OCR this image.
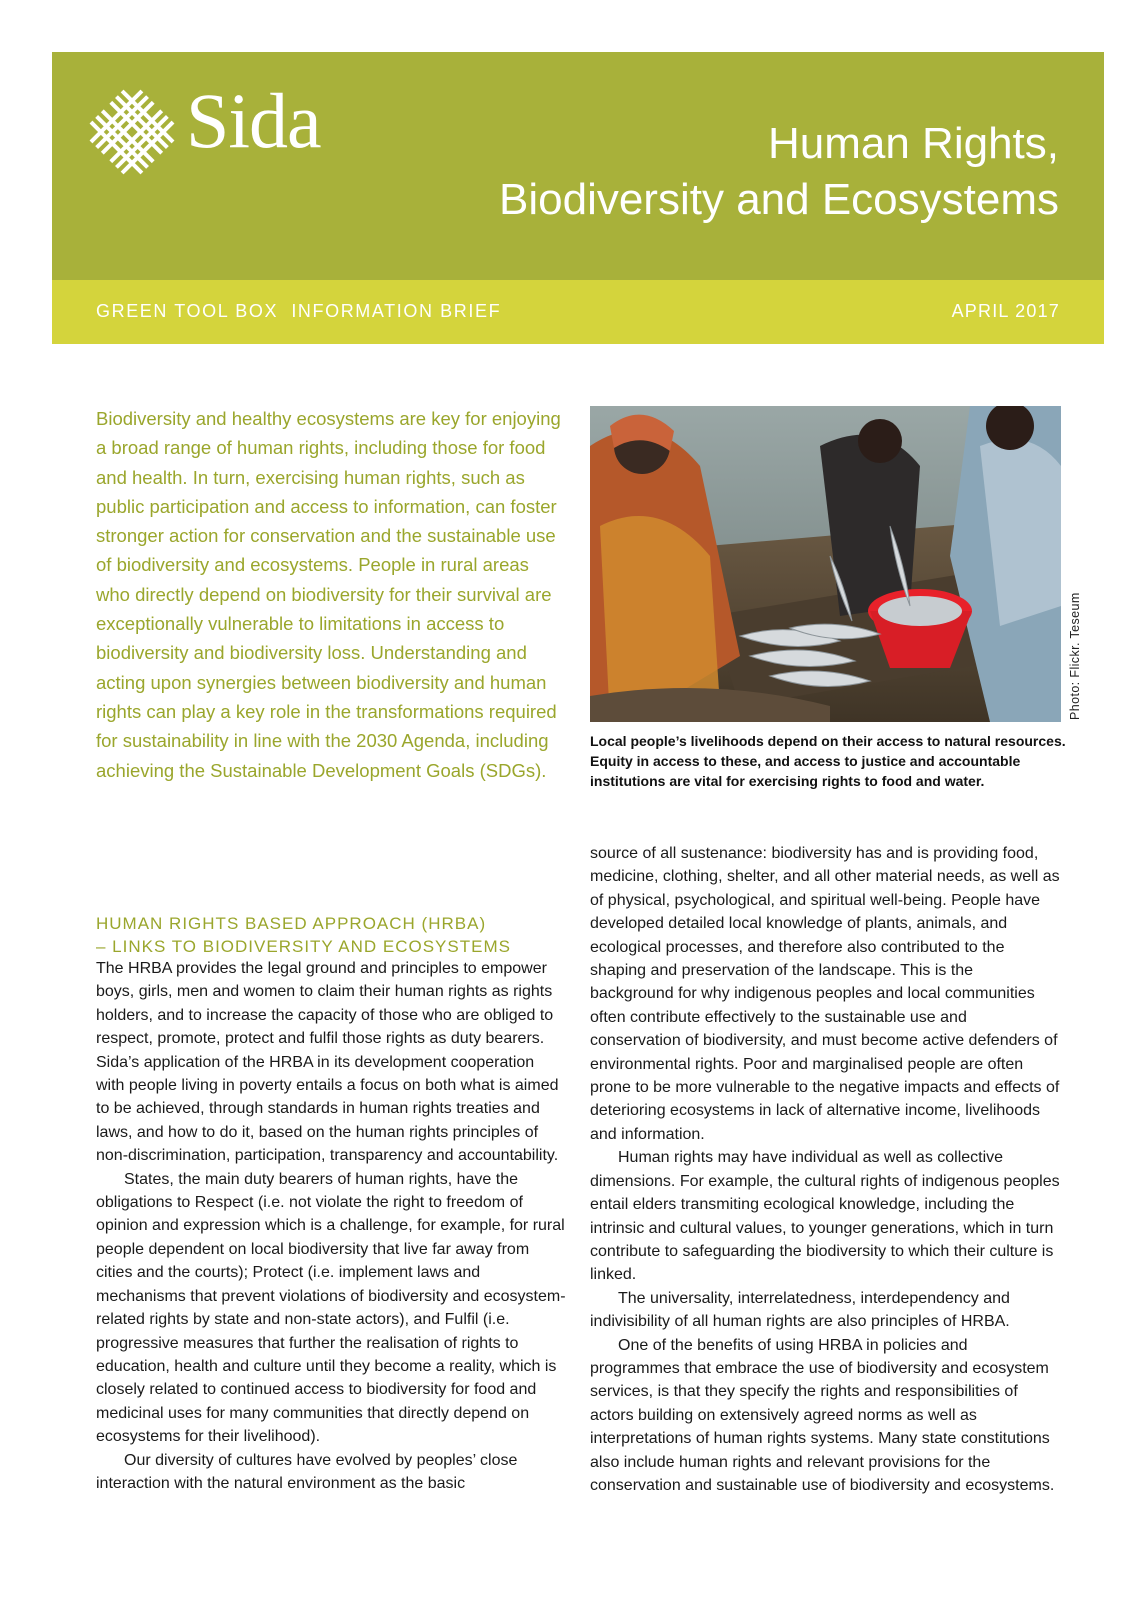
Sida	Human Rights,
Biodiversity and Ecosystems
GREEN TOOL BOX  INFORMATION BRIEF	APRIL 2017
Biodiversity and healthy ecosystems are key for enjoying a broad range of human rights, including those for food and health. In turn, exercising human rights, such as public participation and access to information, can foster stronger action for conservation and the sustainable use of biodiversity and ecosystems. People in rural areas who directly depend on biodiversity for their survival are exceptionally vulnerable to limitations in access to biodiversity and biodiversity loss. Understanding and acting upon synergies between biodiversity and human rights can play a key role in the transformations required for sustainability in line with the 2030 Agenda, including achieving the Sustainable Development Goals (SDGs).
Photo: Flickr. Teseum
Local people’s livelihoods depend on their access to natural resources. Equity in access to these, and access to justice and accountable institutions are vital for exercising rights to food and water.
HUMAN RIGHTS BASED APPROACH (HRBA)
– LINKS TO BIODIVERSITY AND ECOSYSTEMS

The HRBA provides the legal ground and principles to empower boys, girls, men and women to claim their human rights as rights holders, and to increase the capacity of those who are obliged to respect, promote, protect and fulfil those rights as duty bearers. Sida’s application of the HRBA in its development cooperation with people living in poverty entails a focus on both what is aimed to be achieved, through standards in human rights treaties and laws, and how to do it, based on the human rights principles of non-discrimination, participation, transparency and accountability.

States, the main duty bearers of human rights, have the obligations to Respect (i.e. not violate the right to freedom of opinion and expression which is a challenge, for example, for rural people dependent on local biodiversity that live far away from cities and the courts); Protect (i.e. implement laws and mechanisms that prevent violations of biodiversity and ecosystem-related rights by state and non-state actors), and Fulfil (i.e. progressive measures that further the realisation of rights to education, health and culture until they become a reality, which is closely related to continued access to biodiversity for food and medicinal uses for many communities that directly depend on ecosystems for their livelihood).

Our diversity of cultures have evolved by peoples’ close interaction with the natural environment as the basic

source of all sustenance: biodiversity has and is providing food, medicine, clothing, shelter, and all other material needs, as well as of physical, psychological, and spiritual well-being. People have developed detailed local knowledge of plants, animals, and ecological processes, and therefore also contributed to the shaping and preservation of the landscape. This is the background for why indigenous peoples and local communities often contribute effectively to the sustainable use and conservation of biodiversity, and must become active defenders of environmental rights. Poor and marginalised people are often prone to be more vulnerable to the negative impacts and effects of deterioring ecosystems in lack of alternative income, livelihoods and information.

Human rights may have individual as well as collective dimensions. For example, the cultural rights of indigenous peoples entail elders transmiting ecological knowledge, including the intrinsic and cultural values, to younger generations, which in turn contribute to safeguarding the biodiversity to which their culture is linked.

The universality, interrelatedness, interdependency and indivisibility of all human rights are also principles of HRBA.

One of the benefits of using HRBA in policies and programmes that embrace the use of biodiversity and ecosystem services, is that they specify the rights and responsibilities of actors building on extensively agreed norms as well as interpretations of human rights systems. Many state constitutions also include human rights and relevant provisions for the conservation and sustainable use of biodiversity and ecosystems.
